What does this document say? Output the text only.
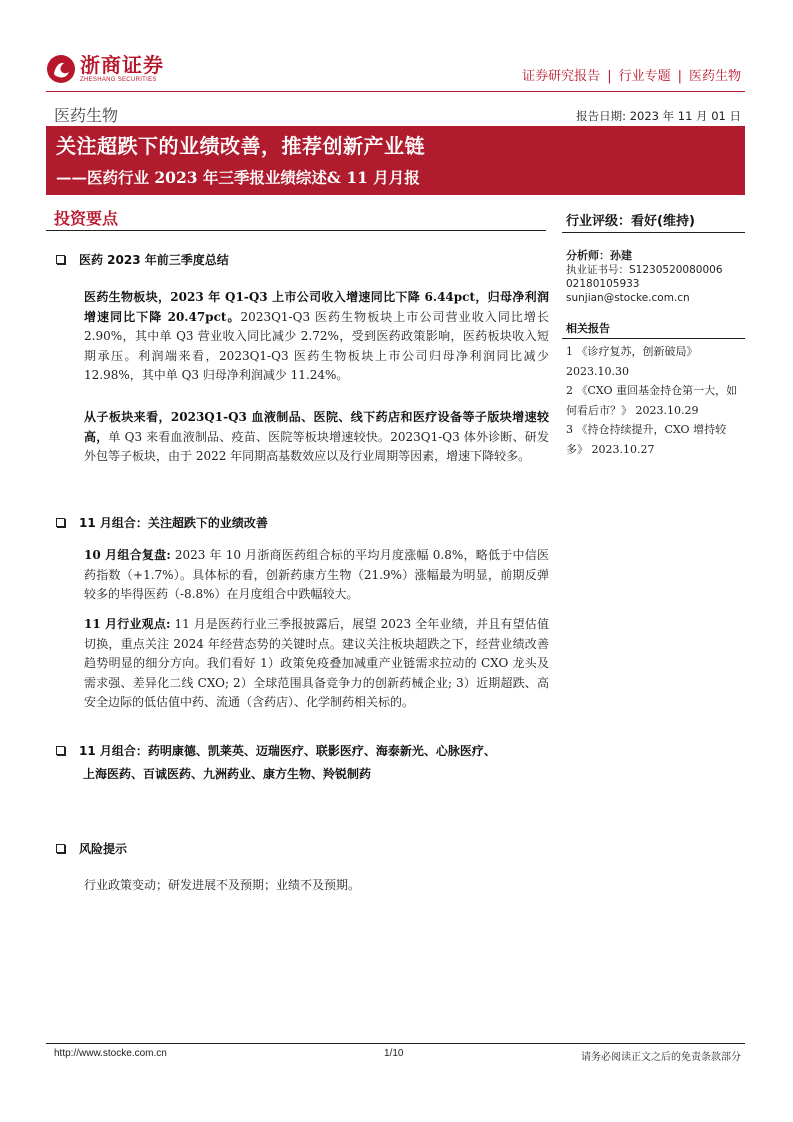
浙商证券
ZHESHANG SECURITIES	证券研究报告 | 行业专题 | 医药生物
医药生物	报告日期: 2023 年 11 月 01 日
关注超跌下的业绩改善，推荐创新产业链
——医药行业 2023 年三季报业绩综述& 11 月月报
投资要点
医药 2023 年前三季度总结
医药生物板块，2023 年 Q1-Q3 上市公司收入增速同比下降 6.44pct，归母净利润增速同比下降 20.47pct。2023Q1-Q3 医药生物板块上市公司营业收入同比增长 2.90%，其中单 Q3 营业收入同比减少 2.72%，受到医药政策影响，医药板块收入短期承压。利润端来看，2023Q1-Q3 医药生物板块上市公司归母净利润同比减少 12.98%，其中单 Q3 归母净利润减少 11.24%。
从子板块来看，2023Q1-Q3 血液制品、医院、线下药店和医疗设备等子版块增速较高，单 Q3 来看血液制品、疫苗、医院等板块增速较快。2023Q1-Q3 体外诊断、研发外包等子板块，由于 2022 年同期高基数效应以及行业周期等因素，增速下降较多。
11 月组合：关注超跌下的业绩改善
10 月组合复盘: 2023 年 10 月浙商医药组合标的平均月度涨幅 0.8%，略低于中信医药指数（+1.7%）。具体标的看，创新药康方生物（21.9%）涨幅最为明显，前期反弹较多的毕得医药（-8.8%）在月度组合中跌幅较大。
11 月行业观点: 11 月是医药行业三季报披露后，展望 2023 全年业绩，并且有望估值切换，重点关注 2024 年经营态势的关键时点。建议关注板块超跌之下，经营业绩改善趋势明显的细分方向。我们看好 1）政策免疫叠加减重产业链需求拉动的 CXO 龙头及需求强、差异化二线 CXO; 2）全球范围具备竞争力的创新药械企业; 3）近期超跌、高安全边际的低估值中药、流通（含药店）、化学制药相关标的。
11 月组合：药明康德、凯莱英、迈瑞医疗、联影医疗、海泰新光、心脉医疗、
上海医药、百诚医药、九洲药业、康方生物、羚锐制药
风险提示
行业政策变动；研发进展不及预期；业绩不及预期。
行业评级：看好(维持)
分析师：孙建
执业证书号：S1230520080006
02180105933
sunjian@stocke.com.cn
相关报告
1 《诊疗复苏，创新破局》 2023.10.30
2 《CXO 重回基金持仓第一大，如何看后市？》 2023.10.29
3 《持仓持续提升，CXO 增持较多》 2023.10.27
http://www.stocke.com.cn	1/10	请务必阅读正文之后的免责条款部分
